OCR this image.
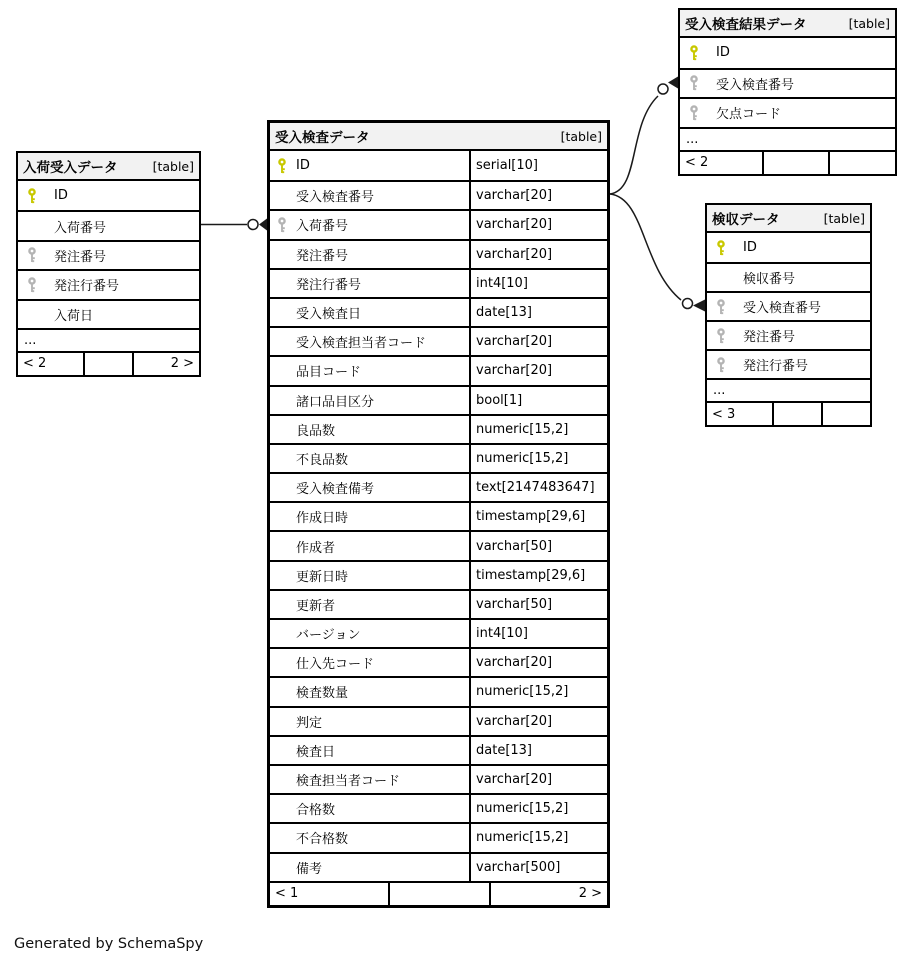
入荷受入データ	[table]
ID
入荷番号
発注番号
発注行番号
入荷日
...
< 2	2 >
受入検査データ	[table]
ID	serial[10]
受入検査番号	varchar[20]
入荷番号	varchar[20]
発注番号	varchar[20]
発注行番号	int4[10]
受入検査日	date[13]
受入検査担当者コード	varchar[20]
品目コード	varchar[20]
諸口品目区分	bool[1]
良品数	numeric[15,2]
不良品数	numeric[15,2]
受入検査備考	text[2147483647]
作成日時	timestamp[29,6]
作成者	varchar[50]
更新日時	timestamp[29,6]
更新者	varchar[50]
バージョン	int4[10]
仕入先コード	varchar[20]
検査数量	numeric[15,2]
判定	varchar[20]
検査日	date[13]
検査担当者コード	varchar[20]
合格数	numeric[15,2]
不合格数	numeric[15,2]
備考	varchar[500]
< 1	2 >
受入検査結果データ	[table]
ID
受入検査番号
欠点コード
...
< 2
検収データ	[table]
ID
検収番号
受入検査番号
発注番号
発注行番号
...
< 3
Generated by SchemaSpy
